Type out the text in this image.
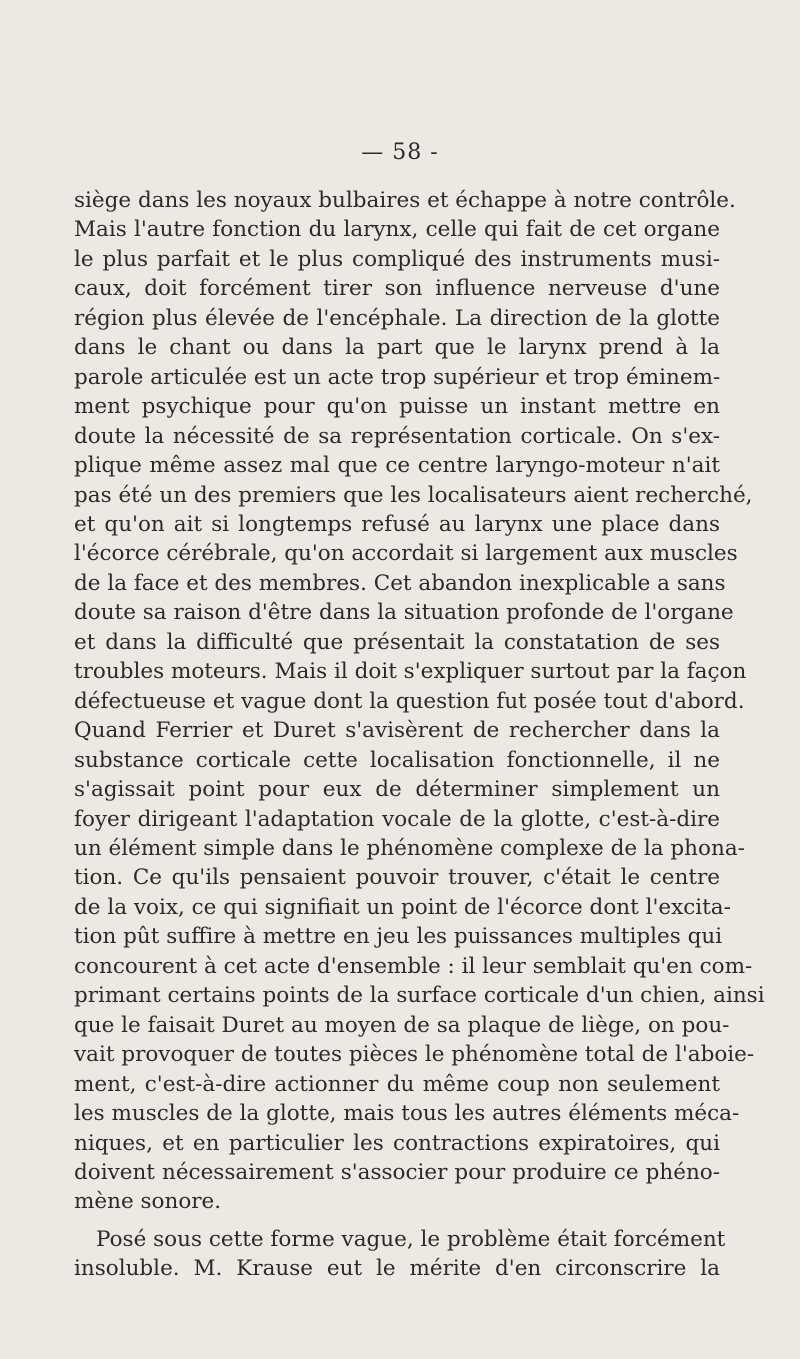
— 58 -
siège dans les noyaux bulbaires et échappe à notre contrôle.
Mais l'autre fonction du larynx, celle qui fait de cet organe
le plus parfait et le plus compliqué des instruments musi-
caux, doit forcément tirer son influence nerveuse d'une
région plus élevée de l'encéphale. La direction de la glotte
dans le chant ou dans la part que le larynx prend à la
parole articulée est un acte trop supérieur et trop éminem-
ment psychique pour qu'on puisse un instant mettre en
doute la nécessité de sa représentation corticale. On s'ex-
plique même assez mal que ce centre laryngo-moteur n'ait
pas été un des premiers que les localisateurs aient recherché,
et qu'on ait si longtemps refusé au larynx une place dans
l'écorce cérébrale, qu'on accordait si largement aux muscles
de la face et des membres. Cet abandon inexplicable a sans
doute sa raison d'être dans la situation profonde de l'organe
et dans la difficulté que présentait la constatation de ses
troubles moteurs. Mais il doit s'expliquer surtout par la façon
défectueuse et vague dont la question fut posée tout d'abord.
Quand Ferrier et Duret s'avisèrent de rechercher dans la
substance corticale cette localisation fonctionnelle, il ne
s'agissait point pour eux de déterminer simplement un
foyer dirigeant l'adaptation vocale de la glotte, c'est-à-dire
un élément simple dans le phénomène complexe de la phona-
tion. Ce qu'ils pensaient pouvoir trouver, c'était le centre
de la voix, ce qui signifiait un point de l'écorce dont l'excita-
tion pût suffire à mettre en jeu les puissances multiples qui
concourent à cet acte d'ensemble : il leur semblait qu'en com-
primant certains points de la surface corticale d'un chien, ainsi
que le faisait Duret au moyen de sa plaque de liège, on pou-
vait provoquer de toutes pièces le phénomène total de l'aboie-
ment, c'est-à-dire actionner du même coup non seulement
les muscles de la glotte, mais tous les autres éléments méca-
niques, et en particulier les contractions expiratoires, qui
doivent nécessairement s'associer pour produire ce phéno-
mène sonore.
Posé sous cette forme vague, le problème était forcément
insoluble. M. Krause eut le mérite d'en circonscrire la
